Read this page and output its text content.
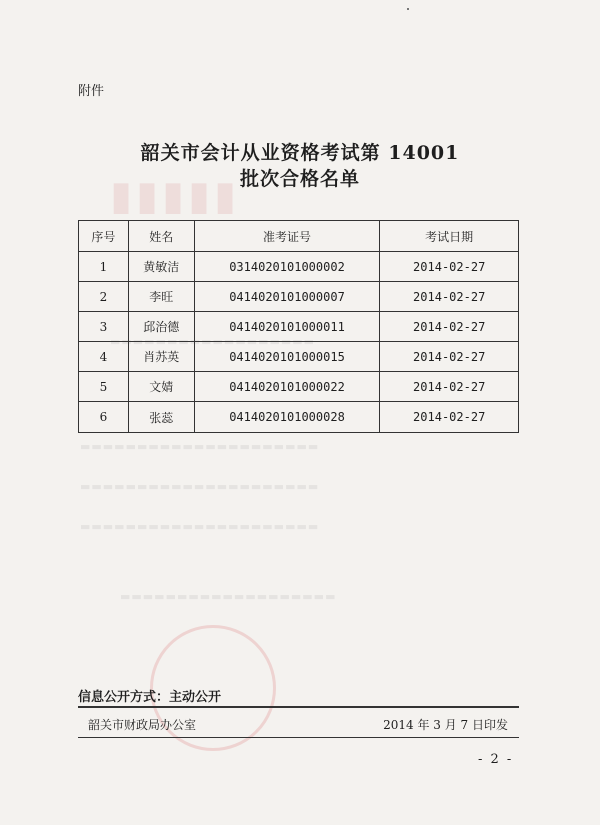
▮▮▮▮▮
▬▬▬▬▬▬▬▬▬▬▬▬▬▬▬▬▬▬
▬▬▬▬▬▬▬▬▬▬▬▬▬▬▬▬▬▬▬▬▬
▬▬▬▬▬▬▬▬▬▬▬▬▬▬▬▬▬▬▬▬▬
▬▬▬▬▬▬▬▬▬▬▬▬▬▬▬▬▬▬▬▬▬
▬▬▬▬▬▬▬▬▬▬▬▬▬▬▬▬▬▬▬
附件
韶关市会计从业资格考试第 14001
批次合格名单
序号	姓名	准考证号	考试日期
1	黄敏洁	0314020101000002	2014-02-27
2	李旺	0414020101000007	2014-02-27
3	邱治德	0414020101000011	2014-02-27
4	肖苏英	0414020101000015	2014-02-27
5	文婧	0414020101000022	2014-02-27
6	张蕊	0414020101000028	2014-02-27
信息公开方式：主动公开
韶关市财政局办公室	2014 年 3 月 7 日印发
- 2 -
